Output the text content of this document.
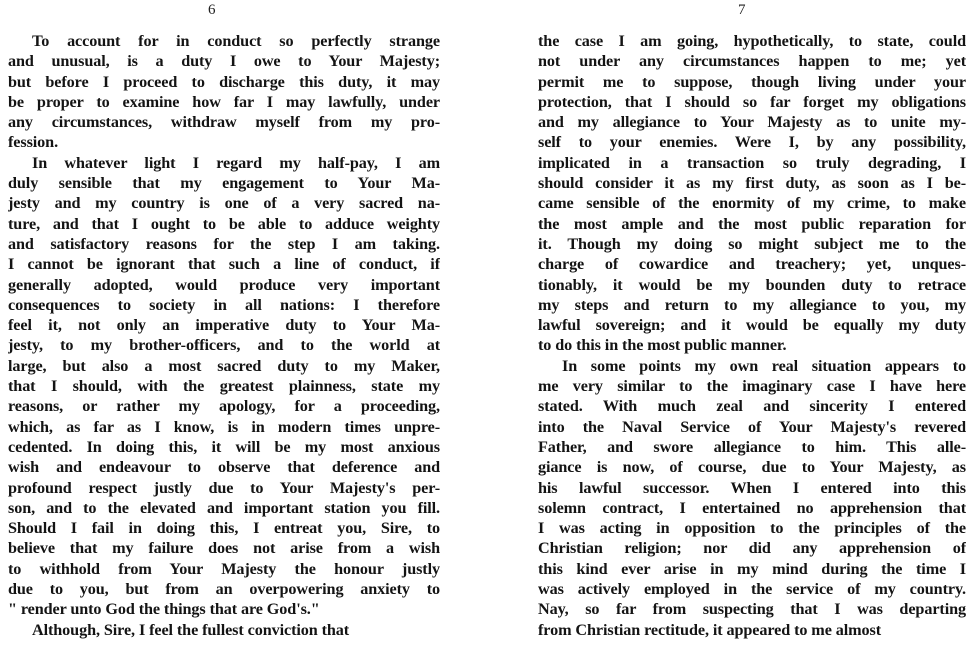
6
To account for in conduct so perfectly strange
and unusual, is a duty I owe to Your Majesty;
but before I proceed to discharge this duty, it may
be proper to examine how far I may lawfully, under
any circumstances, withdraw myself from my pro-
fession.
In whatever light I regard my half-pay, I am
duly sensible that my engagement to Your Ma-
jesty and my country is one of a very sacred na-
ture, and that I ought to be able to adduce weighty
and satisfactory reasons for the step I am taking.
I cannot be ignorant that such a line of conduct, if
generally adopted, would produce very important
consequences to society in all nations: I therefore
feel it, not only an imperative duty to Your Ma-
jesty, to my brother-officers, and to the world at
large, but also a most sacred duty to my Maker,
that I should, with the greatest plainness, state my
reasons, or rather my apology, for a proceeding,
which, as far as I know, is in modern times unpre-
cedented. In doing this, it will be my most anxious
wish and endeavour to observe that deference and
profound respect justly due to Your Majesty's per-
son, and to the elevated and important station you fill.
Should I fail in doing this, I entreat you, Sire, to
believe that my failure does not arise from a wish
to withhold from Your Majesty the honour justly
due to you, but from an overpowering anxiety to
" render unto God the things that are God's."
Although, Sire, I feel the fullest conviction that
7
the case I am going, hypothetically, to state, could
not under any circumstances happen to me; yet
permit me to suppose, though living under your
protection, that I should so far forget my obligations
and my allegiance to Your Majesty as to unite my-
self to your enemies. Were I, by any possibility,
implicated in a transaction so truly degrading, I
should consider it as my first duty, as soon as I be-
came sensible of the enormity of my crime, to make
the most ample and the most public reparation for
it. Though my doing so might subject me to the
charge of cowardice and treachery; yet, unques-
tionably, it would be my bounden duty to retrace
my steps and return to my allegiance to you, my
lawful sovereign; and it would be equally my duty
to do this in the most public manner.
In some points my own real situation appears to
me very similar to the imaginary case I have here
stated. With much zeal and sincerity I entered
into the Naval Service of Your Majesty's revered
Father, and swore allegiance to him. This alle-
giance is now, of course, due to Your Majesty, as
his lawful successor. When I entered into this
solemn contract, I entertained no apprehension that
I was acting in opposition to the principles of the
Christian religion; nor did any apprehension of
this kind ever arise in my mind during the time I
was actively employed in the service of my country.
Nay, so far from suspecting that I was departing
from Christian rectitude, it appeared to me almost
